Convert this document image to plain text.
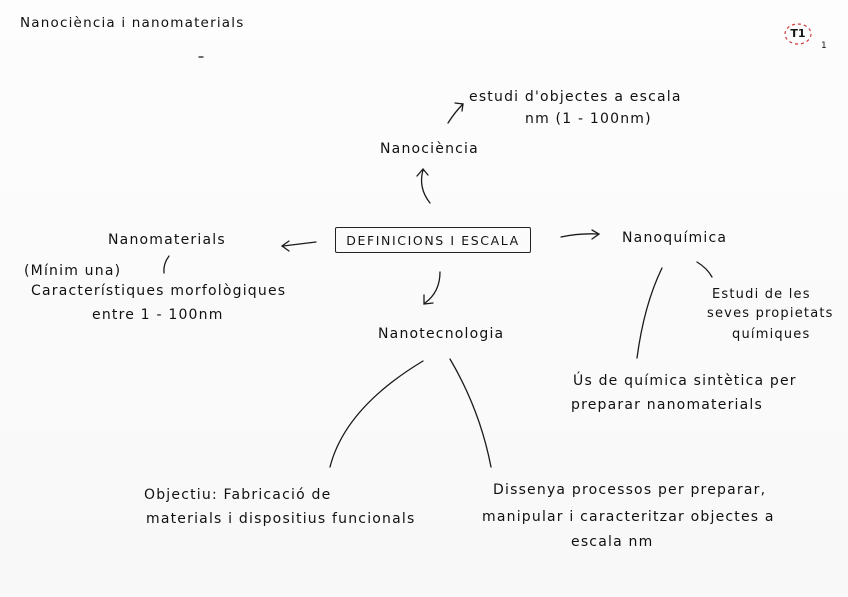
Nanociència i nanomaterials
T1
1
DEFINICIONS I ESCALA
estudi d'objectes a escala
nm (1 - 100nm)
Nanociència
Nanomaterials
(Mínim una)
Característiques morfològiques
entre 1 - 100nm
Nanoquímica
Estudi de les
seves propietats
químiques
Ús de química sintètica per
preparar nanomaterials
Nanotecnologia
Objectiu: Fabricació de
materials i dispositius funcionals
Dissenya processos per preparar,
manipular i caracteritzar objectes a
escala nm
